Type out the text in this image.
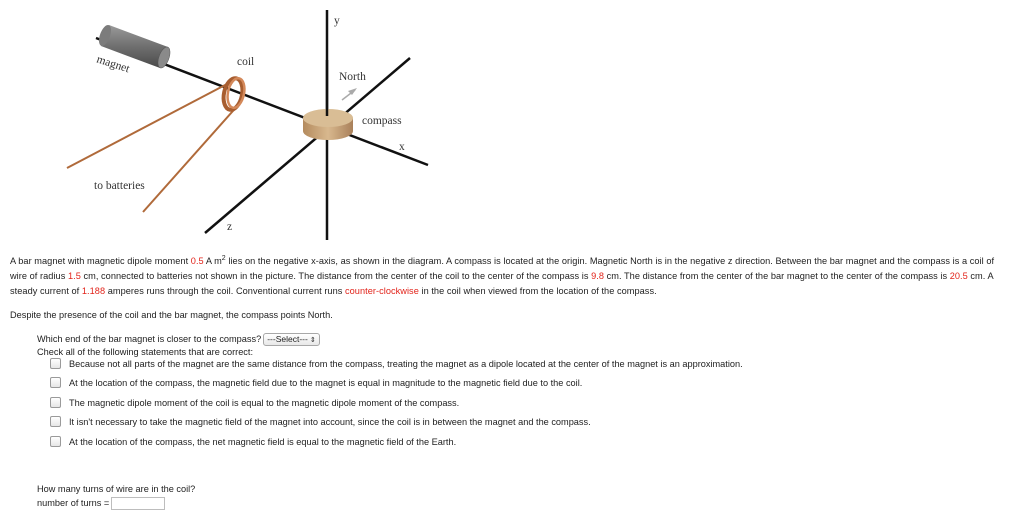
y
magnet	coil
North
compass
x
to batteries
z
A bar magnet with magnetic dipole moment 0.5 A $m^2$ lies on the negative x-axis, as shown in the diagram. A compass is located at the origin. Magnetic North is in the negative z direction. Between the bar magnet and the compass is a coil of wire of radius 1.5 cm, connected to batteries not shown in the picture. The distance from the center of the coil to the center of the compass is 9.8 cm. The distance from the center of the bar magnet to the center of the compass is 20.5 cm. A steady current of 1.188 amperes runs through the coil. Conventional current runs counter-clockwise in the coil when viewed from the location of the compass.
Despite the presence of the coil and the bar magnet, the compass points North.
Which end of the bar magnet is closer to the compass? ---Select--- ⇕
Check all of the following statements that are correct:
Because not all parts of the magnet are the same distance from the compass, treating the magnet as a dipole located at the center of the magnet is an approximation.
At the location of the compass, the magnetic field due to the magnet is equal in magnitude to the magnetic field due to the coil.
The magnetic dipole moment of the coil is equal to the magnetic dipole moment of the compass.
It isn't necessary to take the magnetic field of the magnet into account, since the coil is in between the magnet and the compass.
At the location of the compass, the net magnetic field is equal to the magnetic field of the Earth.
How many turns of wire are in the coil?
number of turns =
